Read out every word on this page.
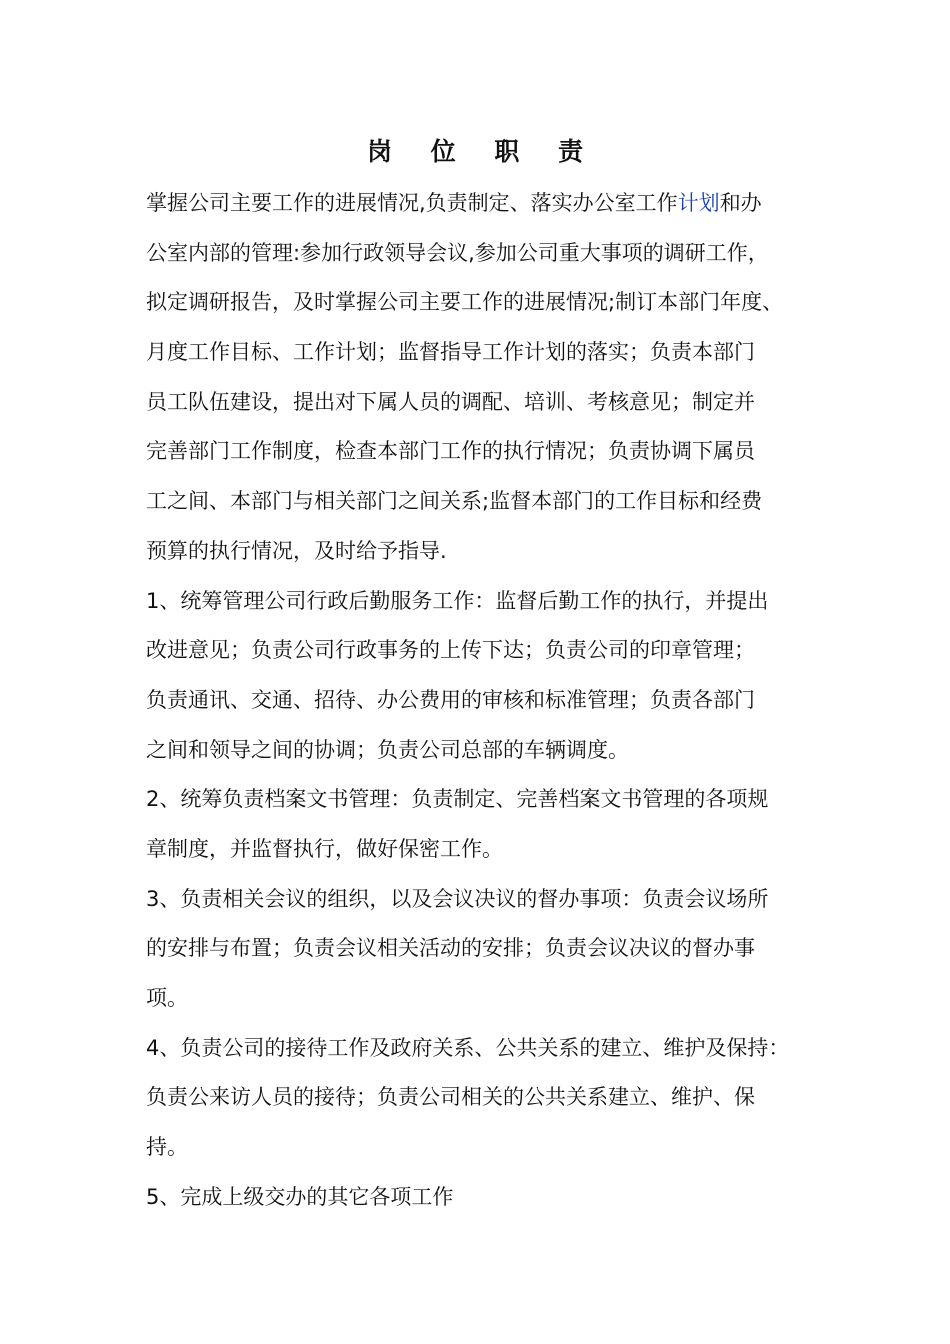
岗 位 职 责

掌握公司主要工作的进展情况,负责制定、落实办公室工作计划和办

公室内部的管理:参加行政领导会议,参加公司重大事项的调研工作，

拟定调研报告，及时掌握公司主要工作的进展情况;制订本部门年度、

月度工作目标、工作计划；监督指导工作计划的落实；负责本部门

员工队伍建设，提出对下属人员的调配、培训、考核意见；制定并

完善部门工作制度，检查本部门工作的执行情况；负责协调下属员

工之间、本部门与相关部门之间关系;监督本部门的工作目标和经费

预算的执行情况，及时给予指导.

1、统筹管理公司行政后勤服务工作：监督后勤工作的执行，并提出

改进意见；负责公司行政事务的上传下达；负责公司的印章管理；

负责通讯、交通、招待、办公费用的审核和标准管理；负责各部门

之间和领导之间的协调；负责公司总部的车辆调度。

2、统筹负责档案文书管理：负责制定、完善档案文书管理的各项规

章制度，并监督执行，做好保密工作。

3、负责相关会议的组织，以及会议决议的督办事项：负责会议场所

的安排与布置；负责会议相关活动的安排；负责会议决议的督办事

项。

4、负责公司的接待工作及政府关系、公共关系的建立、维护及保持：

负责公来访人员的接待；负责公司相关的公共关系建立、维护、保

持。

5、完成上级交办的其它各项工作
